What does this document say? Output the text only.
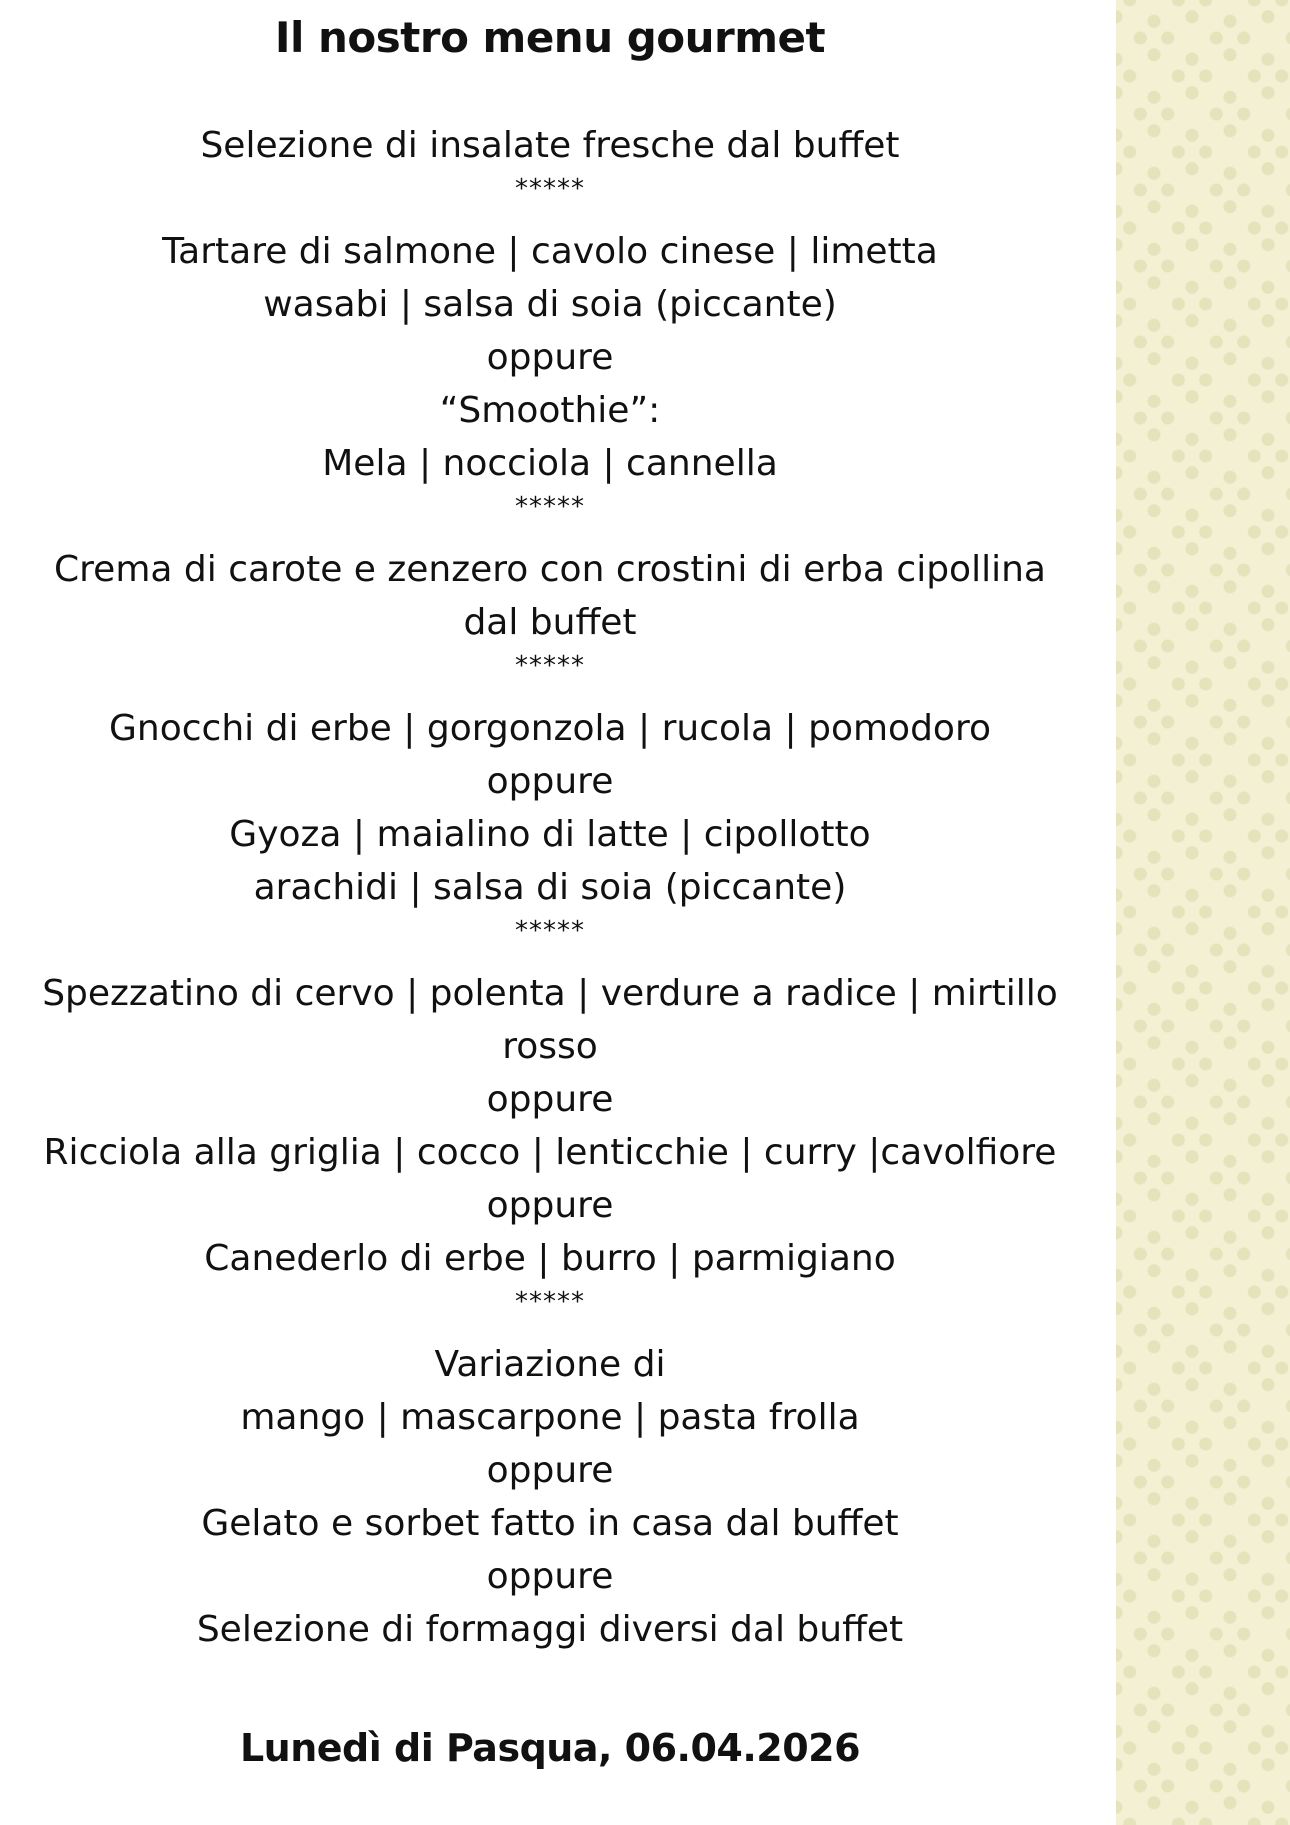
Il nostro menu gourmet
Selezione di insalate fresche dal buffet
*****
Tartare di salmone | cavolo cinese | limetta
wasabi | salsa di soia (piccante)
oppure
“Smoothie”:
Mela | nocciola | cannella
*****
Crema di carote e zenzero con crostini di erba cipollina
dal buffet
*****
Gnocchi di erbe | gorgonzola | rucola | pomodoro
oppure
Gyoza | maialino di latte | cipollotto
arachidi | salsa di soia (piccante)
*****
Spezzatino di cervo | polenta | verdure a radice | mirtillo
rosso
oppure
Ricciola alla griglia | cocco | lenticchie | curry |cavolfiore
oppure
Canederlo di erbe | burro | parmigiano
*****
Variazione di
mango | mascarpone | pasta frolla
oppure
Gelato e sorbet fatto in casa dal buffet
oppure
Selezione di formaggi diversi dal buffet
Lunedì di Pasqua, 06.04.2026
